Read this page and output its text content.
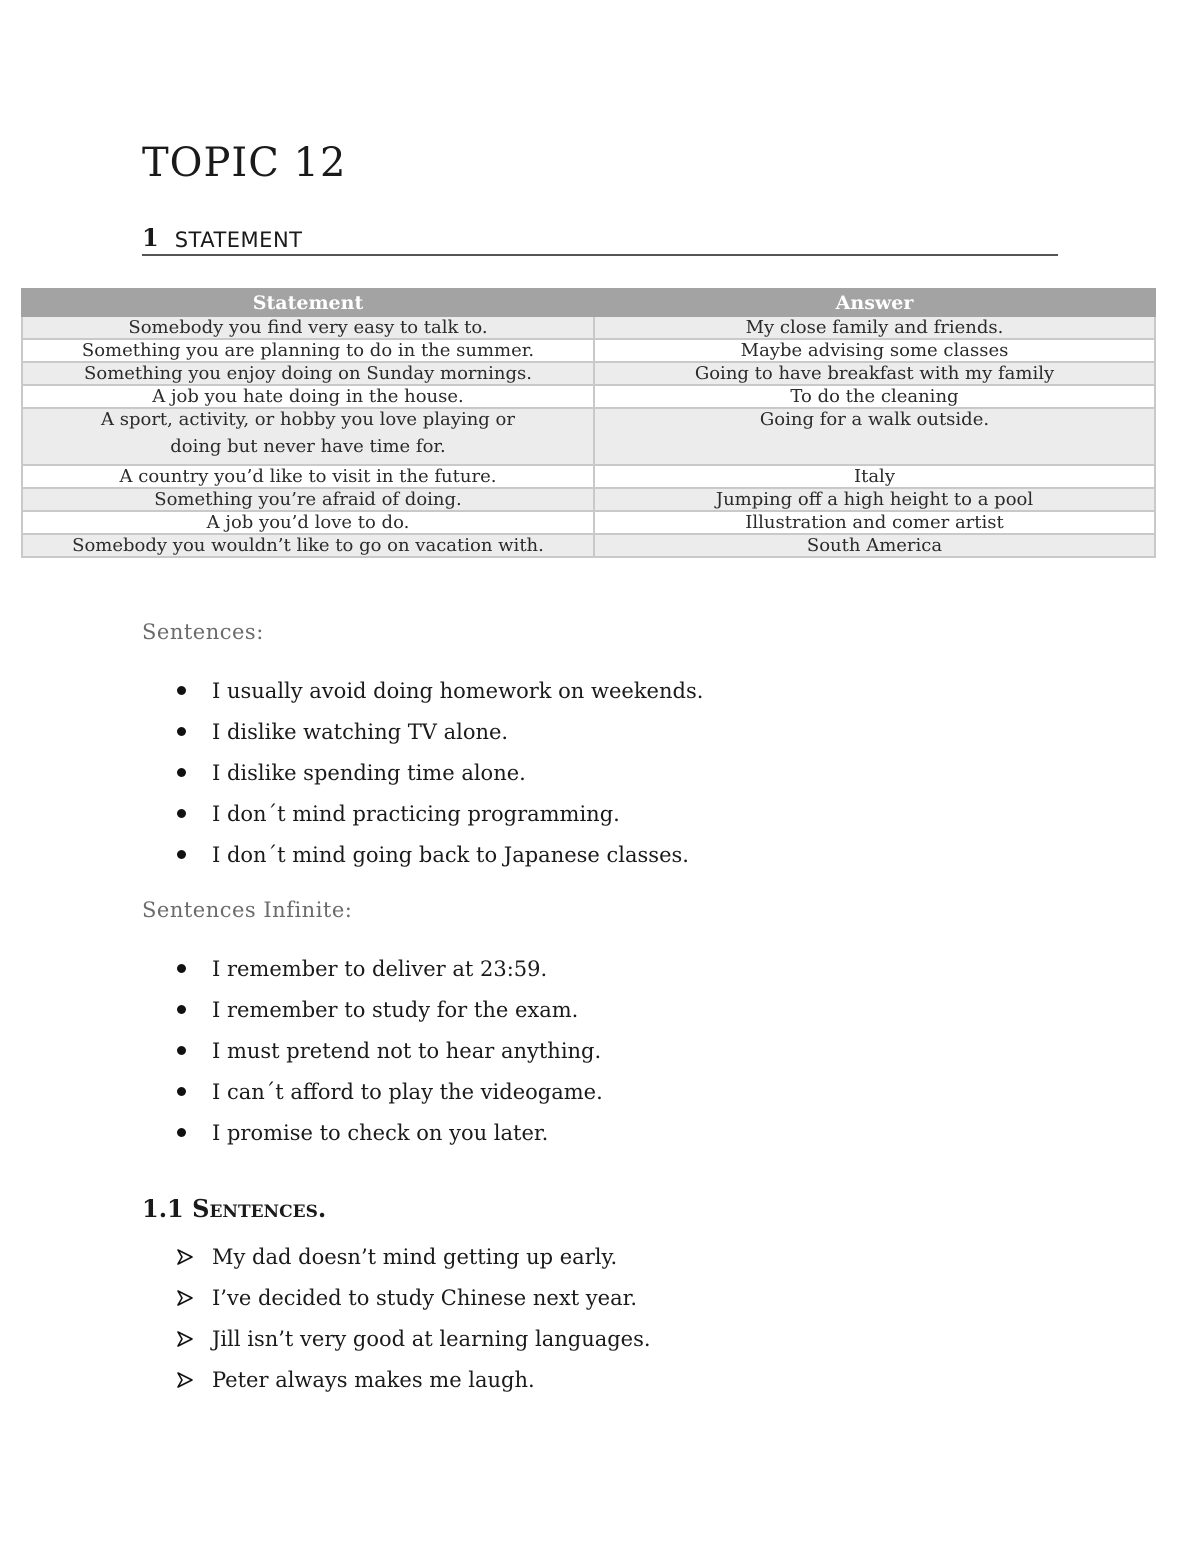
TOPIC 12
1 STATEMENT
Statement	Answer
Somebody you find very easy to talk to.	My close family and friends.
Something you are planning to do in the summer.	Maybe advising some classes
Something you enjoy doing on Sunday mornings.	Going to have breakfast with my family
A job you hate doing in the house.	To do the cleaning

A sport, activity, or hobby you love playing or
doing but never have time for.	Going for a walk outside.
A country you’d like to visit in the future.	Italy
Something you’re afraid of doing.	Jumping off a high height to a pool
A job you’d love to do.	Illustration and comer artist
Somebody you wouldn’t like to go on vacation with.	South America
Sentences:
I usually avoid doing homework on weekends.
I dislike watching TV alone.
I dislike spending time alone.
I don´t mind practicing programming.
I don´t mind going back to Japanese classes.
Sentences Infinite:
I remember to deliver at 23:59.
I remember to study for the exam.
I must pretend not to hear anything.
I can´t afford to play the videogame.
I promise to check on you later.
1.1 Sentences.
My dad doesn’t mind getting up early.
I’ve decided to study Chinese next year.
Jill isn’t very good at learning languages.
Peter always makes me laugh.
